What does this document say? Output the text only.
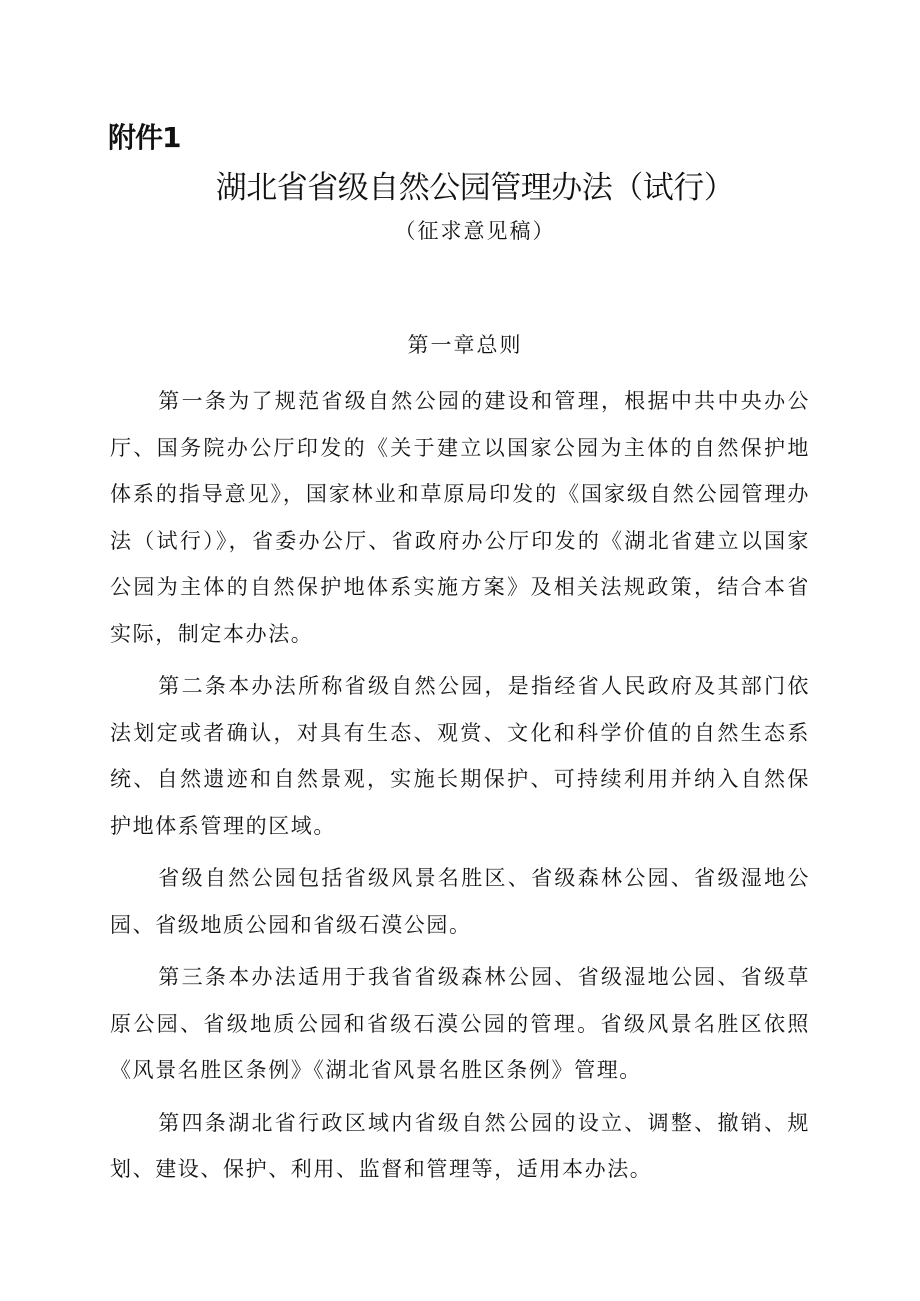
附件1
湖北省省级自然公园管理办法（试行）
（征求意见稿）
第一章总则

第一条为了规范省级自然公园的建设和管理，根据中共中央办公厅、国务院办公厅印发的《关于建立以国家公园为主体的自然保护地体系的指导意见》，国家林业和草原局印发的《国家级自然公园管理办法（试行）》，省委办公厅、省政府办公厅印发的《湖北省建立以国家公园为主体的自然保护地体系实施方案》及相关法规政策，结合本省实际，制定本办法。

第二条本办法所称省级自然公园，是指经省人民政府及其部门依法划定或者确认，对具有生态、观赏、文化和科学价值的自然生态系统、自然遗迹和自然景观，实施长期保护、可持续利用并纳入自然保护地体系管理的区域。

省级自然公园包括省级风景名胜区、省级森林公园、省级湿地公园、省级地质公园和省级石漠公园。

第三条本办法适用于我省省级森林公园、省级湿地公园、省级草原公园、省级地质公园和省级石漠公园的管理。省级风景名胜区依照《风景名胜区条例》《湖北省风景名胜区条例》管理。

第四条湖北省行政区域内省级自然公园的设立、调整、撤销、规划、建设、保护、利用、监督和管理等，适用本办法。
